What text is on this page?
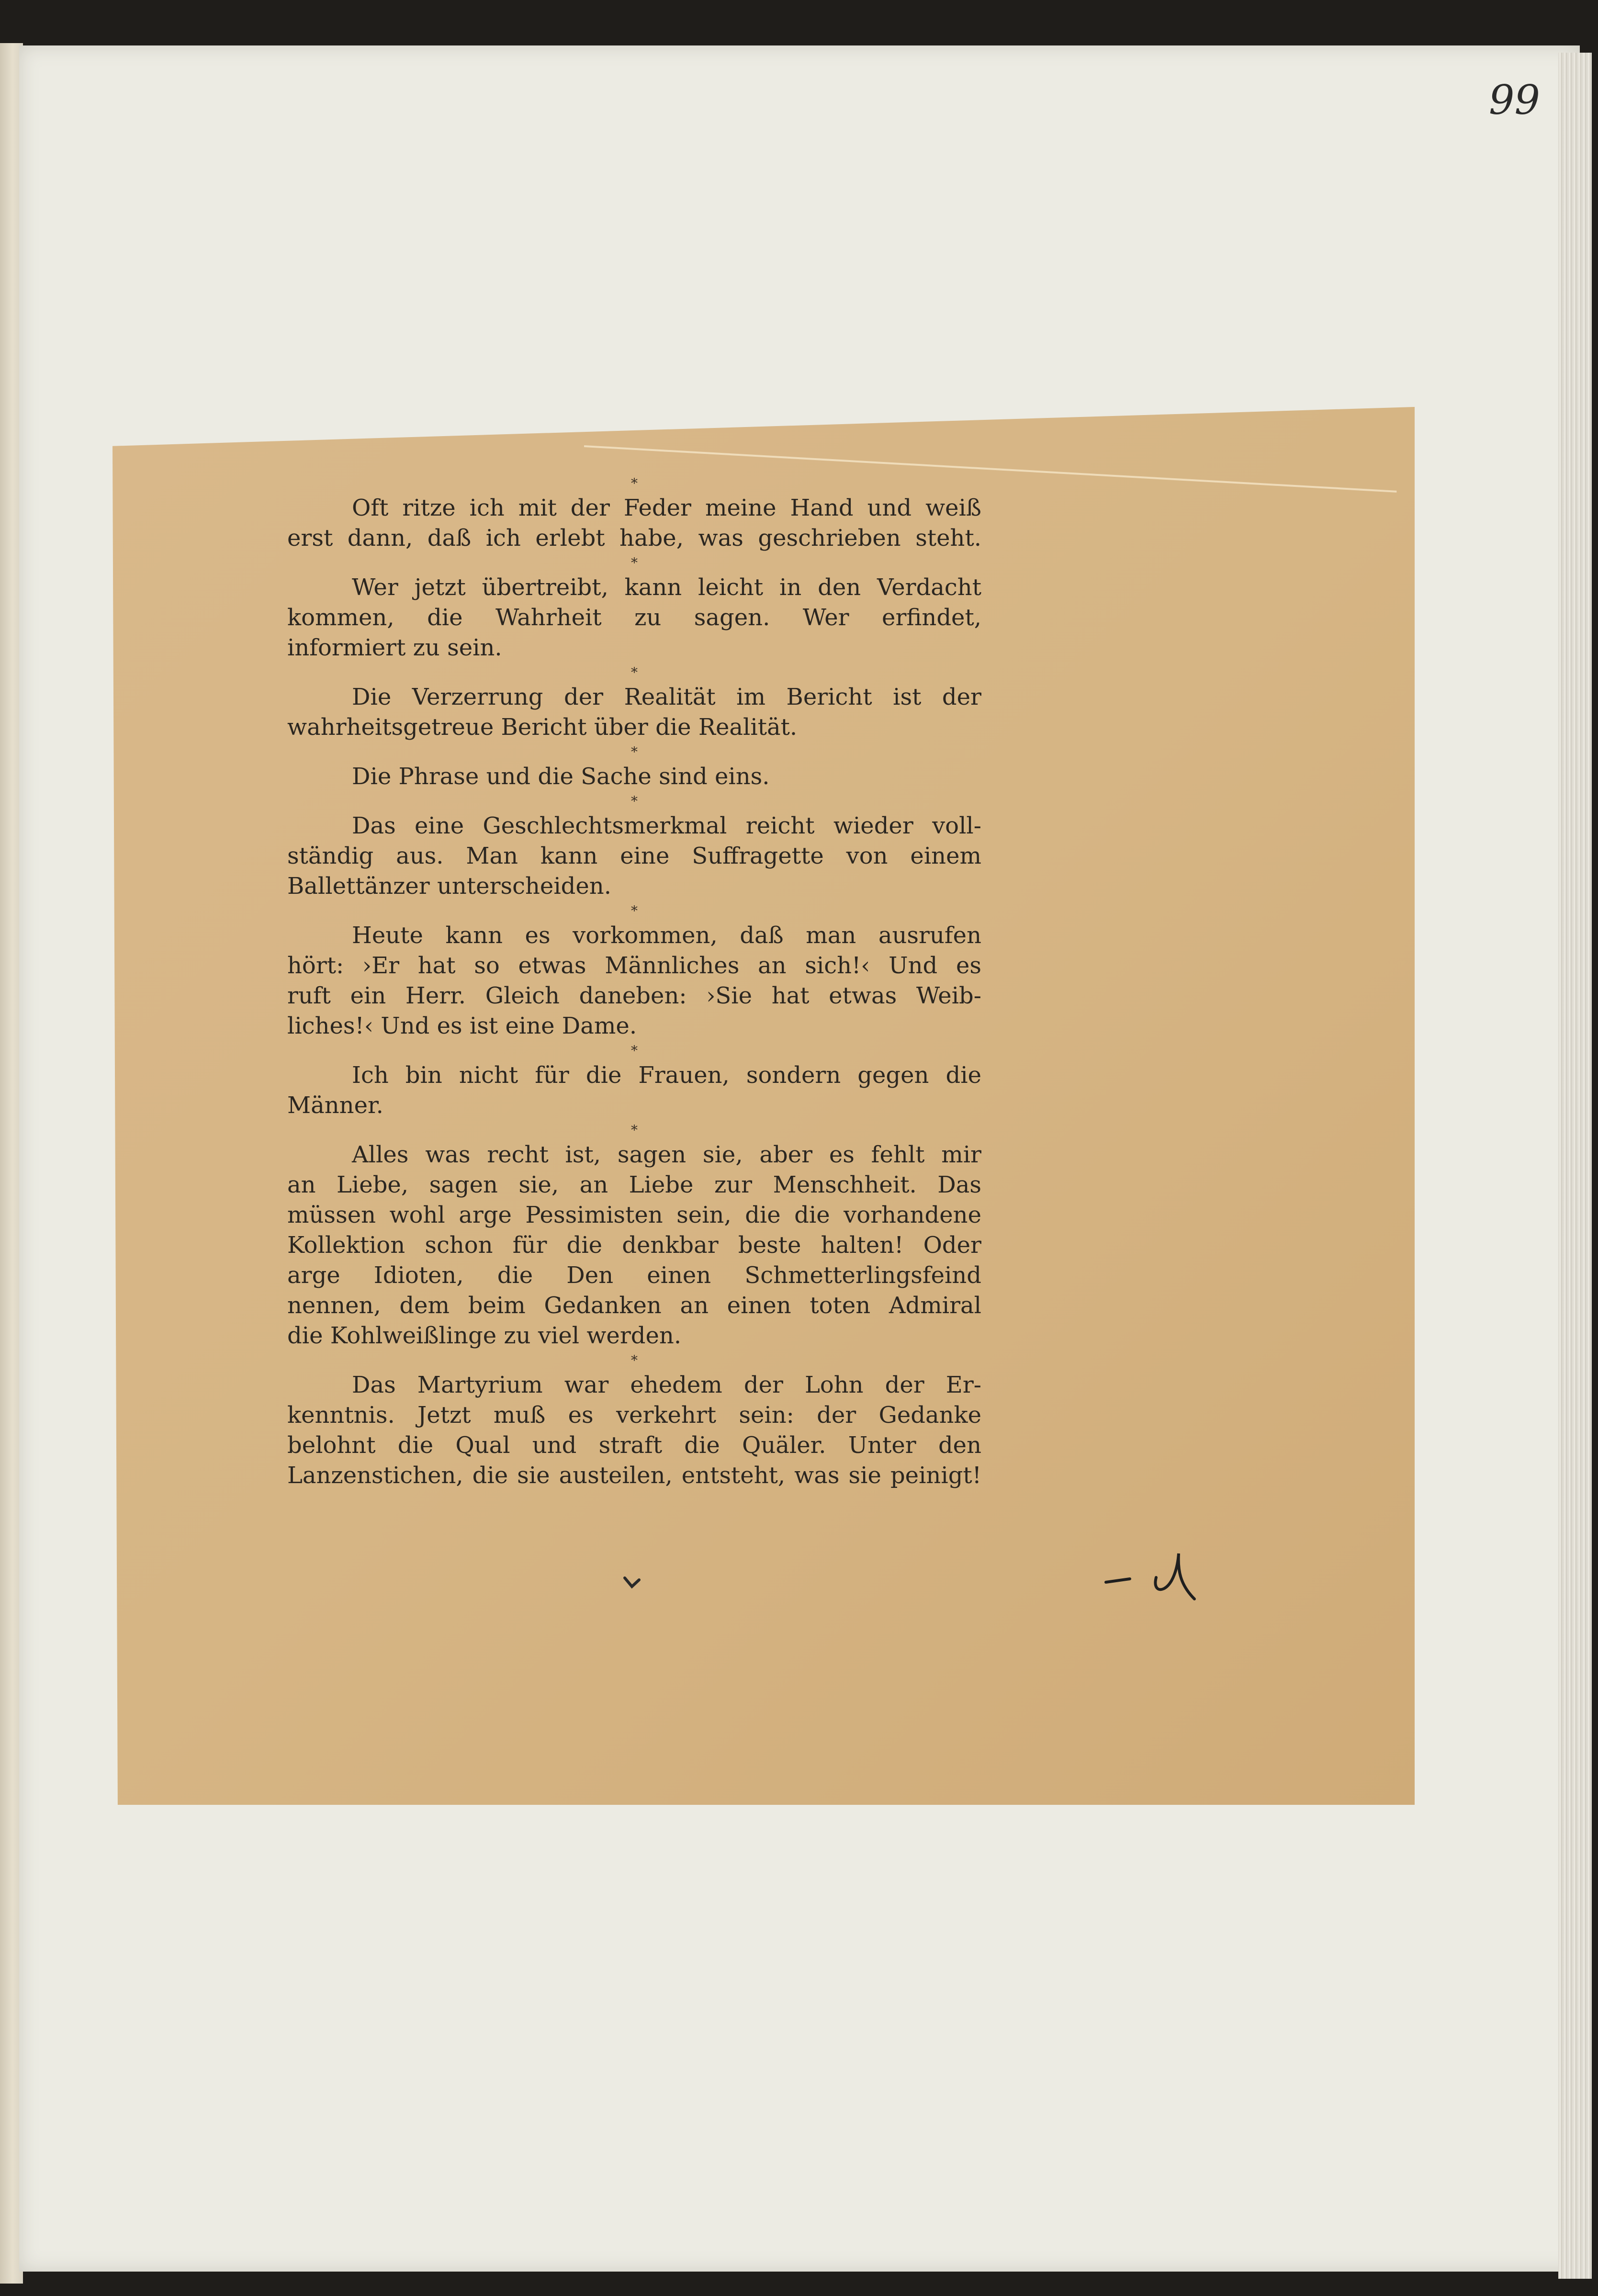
99
*
Oft ritze ich mit der Feder meine Hand und weiß
erst dann, daß ich erlebt habe, was geschrieben steht.
*
Wer jetzt übertreibt, kann leicht in den Verdacht
kommen, die Wahrheit zu sagen. Wer erfindet,
informiert zu sein.
*
Die Verzerrung der Realität im Bericht ist der
wahrheitsgetreue Bericht über die Realität.
*
Die Phrase und die Sache sind eins.
*
Das eine Geschlechtsmerkmal reicht wieder voll-
ständig aus. Man kann eine Suffragette von einem
Ballettänzer unterscheiden.
*
Heute kann es vorkommen, daß man ausrufen
hört: ›Er hat so etwas Männliches an sich!‹ Und es
ruft ein Herr. Gleich daneben: ›Sie hat etwas Weib-
liches!‹ Und es ist eine Dame.
*
Ich bin nicht für die Frauen, sondern gegen die
Männer.
*
Alles was recht ist, sagen sie, aber es fehlt mir
an Liebe, sagen sie, an Liebe zur Menschheit. Das
müssen wohl arge Pessimisten sein, die die vorhandene
Kollektion schon für die denkbar beste halten! Oder
arge Idioten, die Den einen Schmetterlingsfeind
nennen, dem beim Gedanken an einen toten Admiral
die Kohlweißlinge zu viel werden.
*
Das Martyrium war ehedem der Lohn der Er-
kenntnis. Jetzt muß es verkehrt sein: der Gedanke
belohnt die Qual und straft die Quäler. Unter den
Lanzenstichen, die sie austeilen, entsteht, was sie peinigt!
